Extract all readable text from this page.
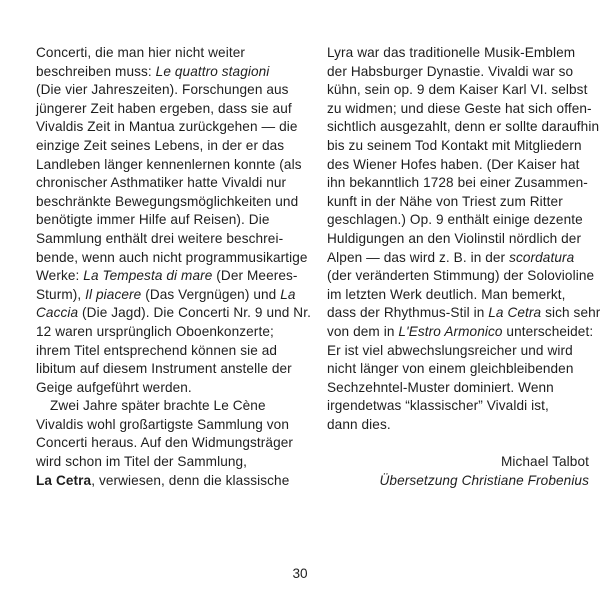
Concerti, die man hier nicht weiter
beschreiben muss: Le quattro stagioni
(Die vier Jahreszeiten). Forschungen aus
jüngerer Zeit haben ergeben, dass sie auf
Vivaldis Zeit in Mantua zurückgehen — die
einzige Zeit seines Lebens, in der er das
Landleben länger kennenlernen konnte (als
chronischer Asthmatiker hatte Vivaldi nur
beschränkte Bewegungsmöglichkeiten und
benötigte immer Hilfe auf Reisen). Die
Sammlung enthält drei weitere beschrei-
bende, wenn auch nicht programmusikartige
Werke: La Tempesta di mare (Der Meeres-
Sturm), Il piacere (Das Vergnügen) und La
Caccia (Die Jagd). Die Concerti Nr. 9 und Nr.
12 waren ursprünglich Oboenkonzerte;
ihrem Titel entsprechend können sie ad
libitum auf diesem Instrument anstelle der
Geige aufgeführt werden.
Zwei Jahre später brachte Le Cène
Vivaldis wohl großartigste Sammlung von
Concerti heraus. Auf den Widmungsträger
wird schon im Titel der Sammlung,
La Cetra, verwiesen, denn die klassische
Lyra war das traditionelle Musik-Emblem
der Habsburger Dynastie. Vivaldi war so
kühn, sein op. 9 dem Kaiser Karl VI. selbst
zu widmen; und diese Geste hat sich offen-
sichtlich ausgezahlt, denn er sollte daraufhin
bis zu seinem Tod Kontakt mit Mitgliedern
des Wiener Hofes haben. (Der Kaiser hat
ihn bekanntlich 1728 bei einer Zusammen-
kunft in der Nähe von Triest zum Ritter
geschlagen.) Op. 9 enthält einige dezente
Huldigungen an den Violinstil nördlich der
Alpen — das wird z. B. in der scordatura
(der veränderten Stimmung) der Solovioline
im letzten Werk deutlich. Man bemerkt,
dass der Rhythmus-Stil in La Cetra sich sehr
von dem in L'Estro Armonico unterscheidet:
Er ist viel abwechslungsreicher und wird
nicht länger von einem gleichbleibenden
Sechzehntel-Muster dominiert. Wenn
irgendetwas “klassischer” Vivaldi ist,
dann dies.
Michael Talbot
Übersetzung Christiane Frobenius
30
